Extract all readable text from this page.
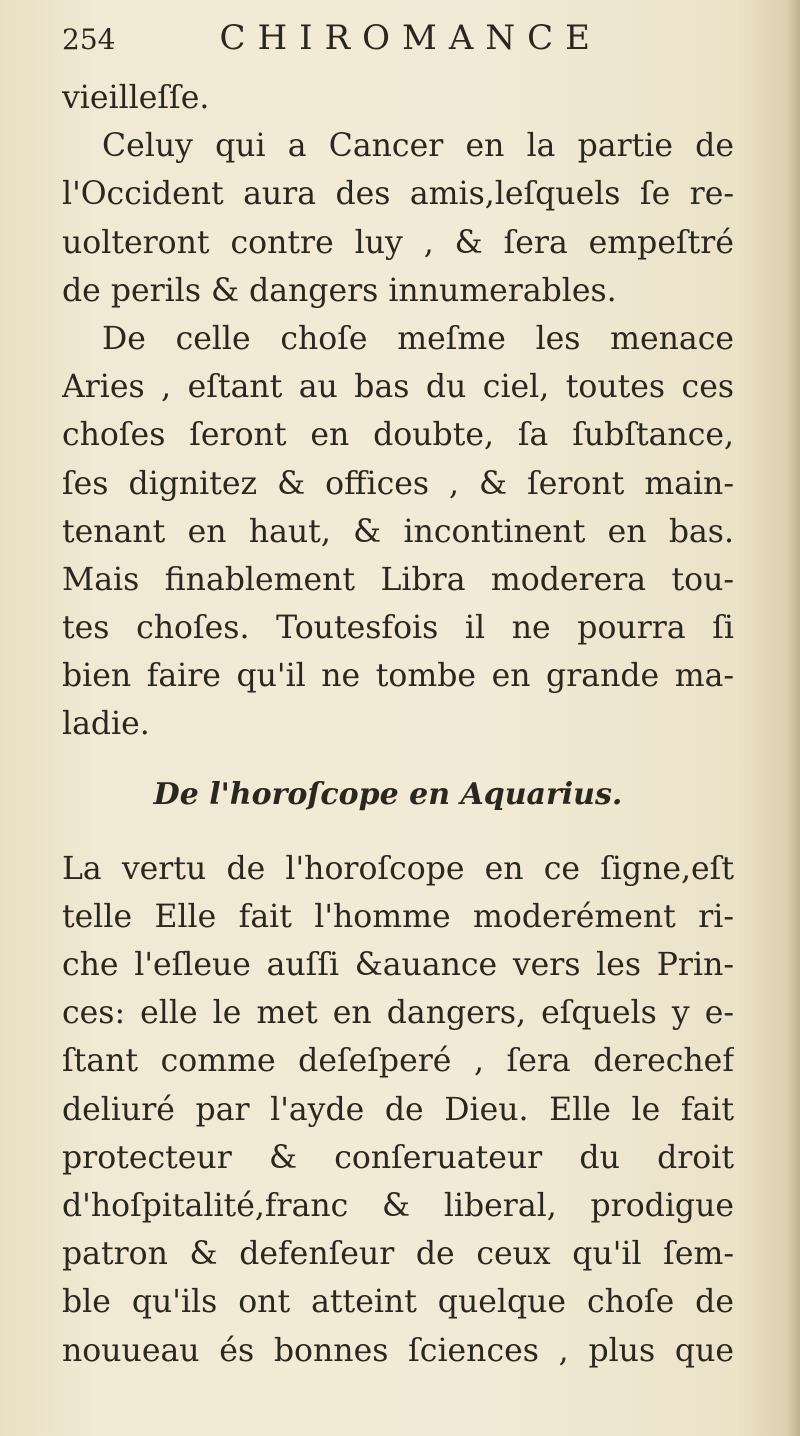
254	CHIROMANCE
vieilleſſe.
Celuy qui a Cancer en la partie de
l'Occident aura des amis,leſquels ſe re-
uolteront contre luy , & ſera empeſtré
de perils & dangers innumerables.
De celle choſe meſme les menace
Aries , eſtant au bas du ciel, toutes ces
choſes ſeront en doubte, ſa ſubſtance,
ſes dignitez & offices , & ſeront main-
tenant en haut, & incontinent en bas.
Mais finablement Libra moderera tou-
tes choſes. Toutesfois il ne pourra ſi
bien faire qu'il ne tombe en grande ma-
ladie.
De l'horoſcope en Aquarius.
La vertu de l'horoſcope en ce ſigne,eſt
telle Elle fait l'homme moderément ri-
che l'eſleue auſſi &auance vers les Prin-
ces: elle le met en dangers, eſquels y e-
ſtant comme deſeſperé , ſera derechef
deliuré par l'ayde de Dieu. Elle le fait
protecteur & conſeruateur du droit
d'hoſpitalité,franc & liberal, prodigue
patron & defenſeur de ceux qu'il ſem-
ble qu'ils ont atteint quelque choſe de
nouueau és bonnes ſciences , plus que
